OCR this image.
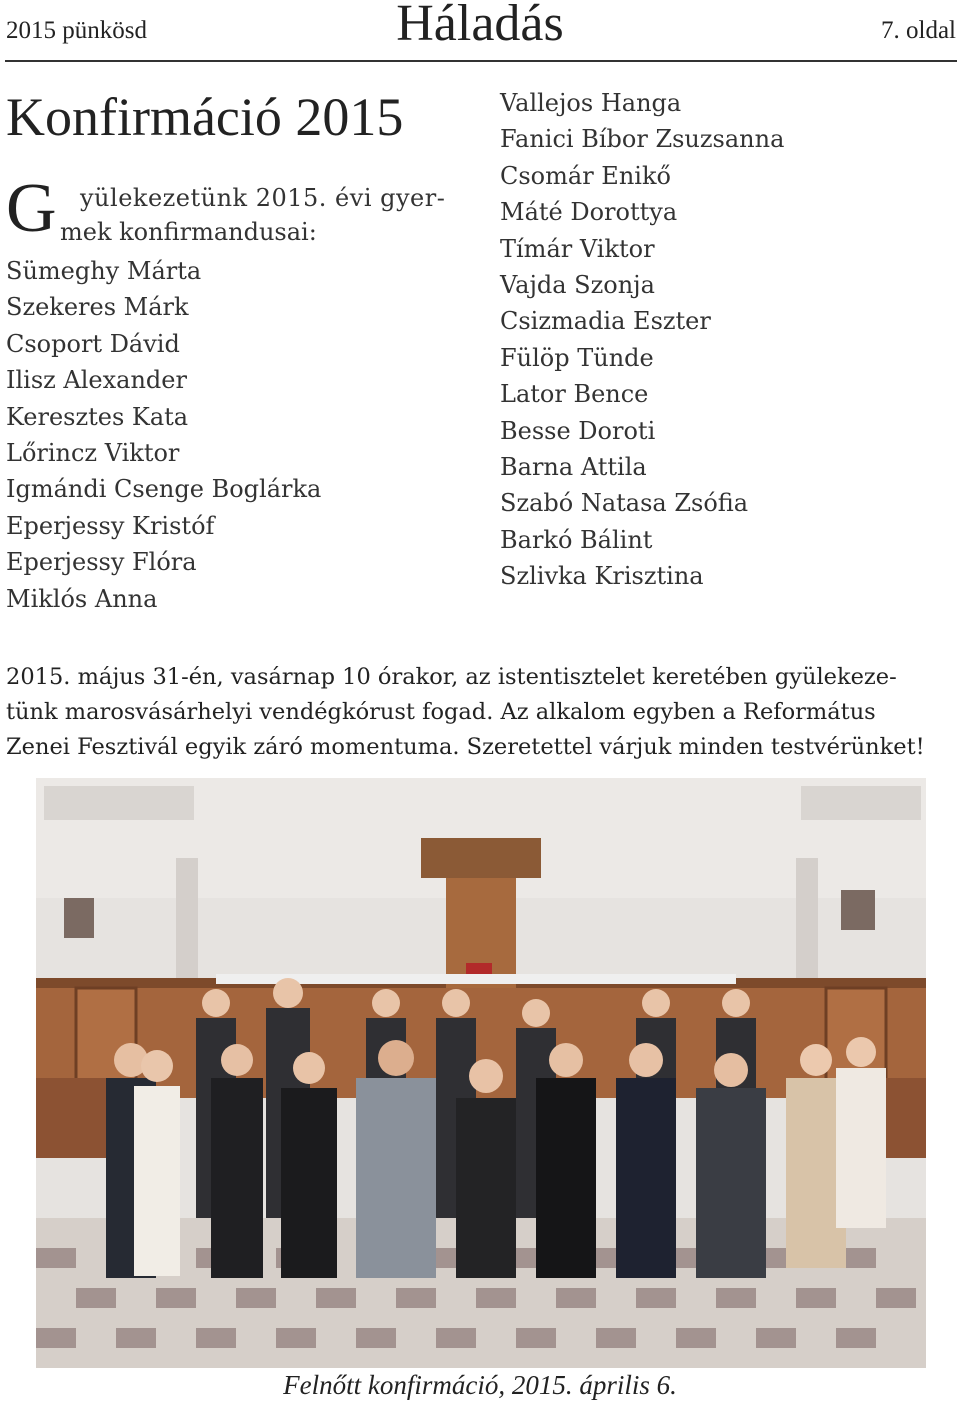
2015 pünkösd	Háladás	7. oldal
Konfirmáció 2015
G yülekezetünk 2015. évi gyer-
mek konfirmandusai:
Sümeghy Márta
Szekeres Márk
Csoport Dávid
Ilisz Alexander
Keresztes Kata
Lőrincz Viktor
Igmándi Csenge Boglárka
Eperjessy Kristóf
Eperjessy Flóra
Miklós Anna
Vallejos Hanga
Fanici Bíbor Zsuzsanna
Csomár Enikő
Máté Dorottya
Tímár Viktor
Vajda Szonja
Csizmadia Eszter
Fülöp Tünde
Lator Bence
Besse Doroti
Barna Attila
Szabó Natasa Zsófia
Barkó Bálint
Szlivka Krisztina
2015. május 31-én, vasárnap 10 órakor, az istentisztelet keretében gyülekeze-
tünk marosvásárhelyi vendégkórust fogad. Az alkalom egyben a Református
Zenei Fesztivál egyik záró momentuma. Szeretettel várjuk minden testvérünket!
Felnőtt konfirmáció, 2015. április 6.
